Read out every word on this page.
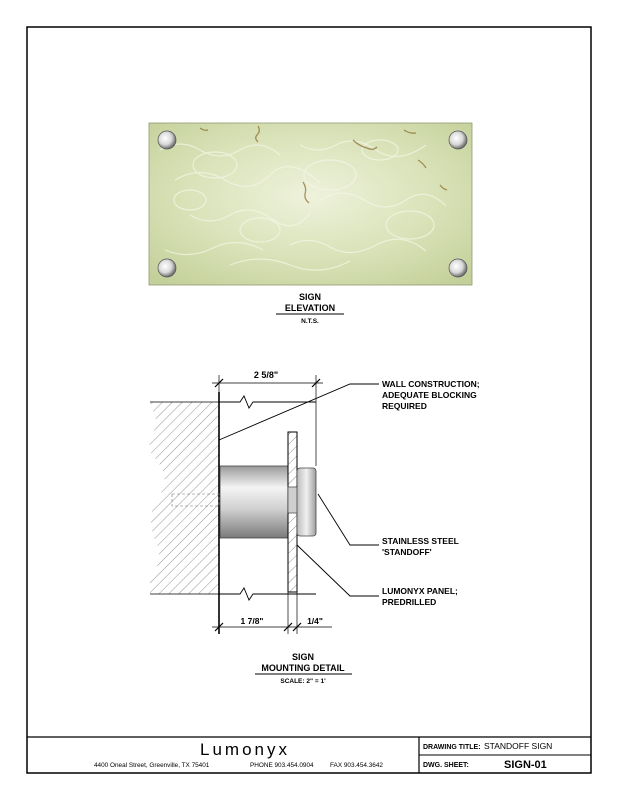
SIGN
ELEVATION
N.T.S.
2 5/8"
1 7/8"	1/4"
WALL CONSTRUCTION;
ADEQUATE BLOCKING
REQUIRED
STAINLESS STEEL
'STANDOFF'
LUMONYX PANEL;
PREDRILLED
SIGN
MOUNTING DETAIL
SCALE: 2" = 1'
Lumonyx
4400 Oneal Street, Greenville, TX 75401	PHONE 903.454.0904	FAX 903.454.3642
DRAWING TITLE: STANDOFF SIGN
DWG. SHEET:	SIGN-01
